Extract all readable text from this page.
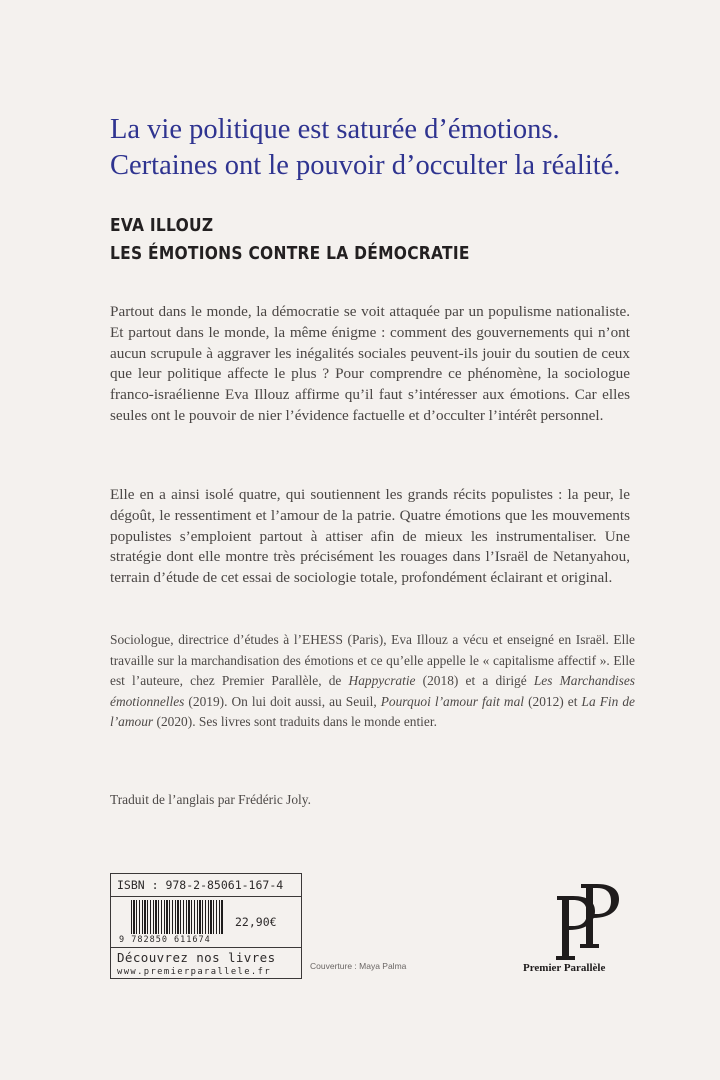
La vie politique est saturée d’émotions.
Certaines ont le pouvoir d’occulter la réalité.
EVA ILLOUZ
LES ÉMOTIONS CONTRE LA DÉMOCRATIE
Partout dans le monde, la démocratie se voit attaquée par un populisme nationaliste. Et partout dans le monde, la même énigme : comment des gouvernements qui n’ont aucun scrupule à aggraver les inégalités sociales peuvent-ils jouir du soutien de ceux que leur politique affecte le plus ? Pour comprendre ce phénomène, la sociologue franco-israélienne Eva Illouz affirme qu’il faut s’intéresser aux émotions. Car elles seules ont le pouvoir de nier l’évidence factuelle et d’occulter l’intérêt personnel.
Elle en a ainsi isolé quatre, qui soutiennent les grands récits populistes : la peur, le dégoût, le ressentiment et l’amour de la patrie. Quatre émotions que les mouvements populistes s’emploient partout à attiser afin de mieux les instrumentaliser. Une stratégie dont elle montre très précisément les rouages dans l’Israël de Netanyahou, terrain d’étude de cet essai de sociologie totale, profondément éclairant et original.
Sociologue, directrice d’études à l’EHESS (Paris), Eva Illouz a vécu et enseigné en Israël. Elle travaille sur la marchandisation des émotions et ce qu’elle appelle le « capitalisme affectif ». Elle est l’auteure, chez Premier Parallèle, de Happycratie (2018) et a dirigé Les Marchandises émotionnelles (2019). On lui doit aussi, au Seuil, Pourquoi l’amour fait mal (2012) et La Fin de l’amour (2020). Ses livres sont traduits dans le monde entier.
Traduit de l’anglais par Frédéric Joly.
ISBN : 978-2-85061-167-4
9 782850 611674
22,90€
Découvrez nos livres
www.premierparallele.fr
Couverture : Maya Palma	Premier Parallèle
